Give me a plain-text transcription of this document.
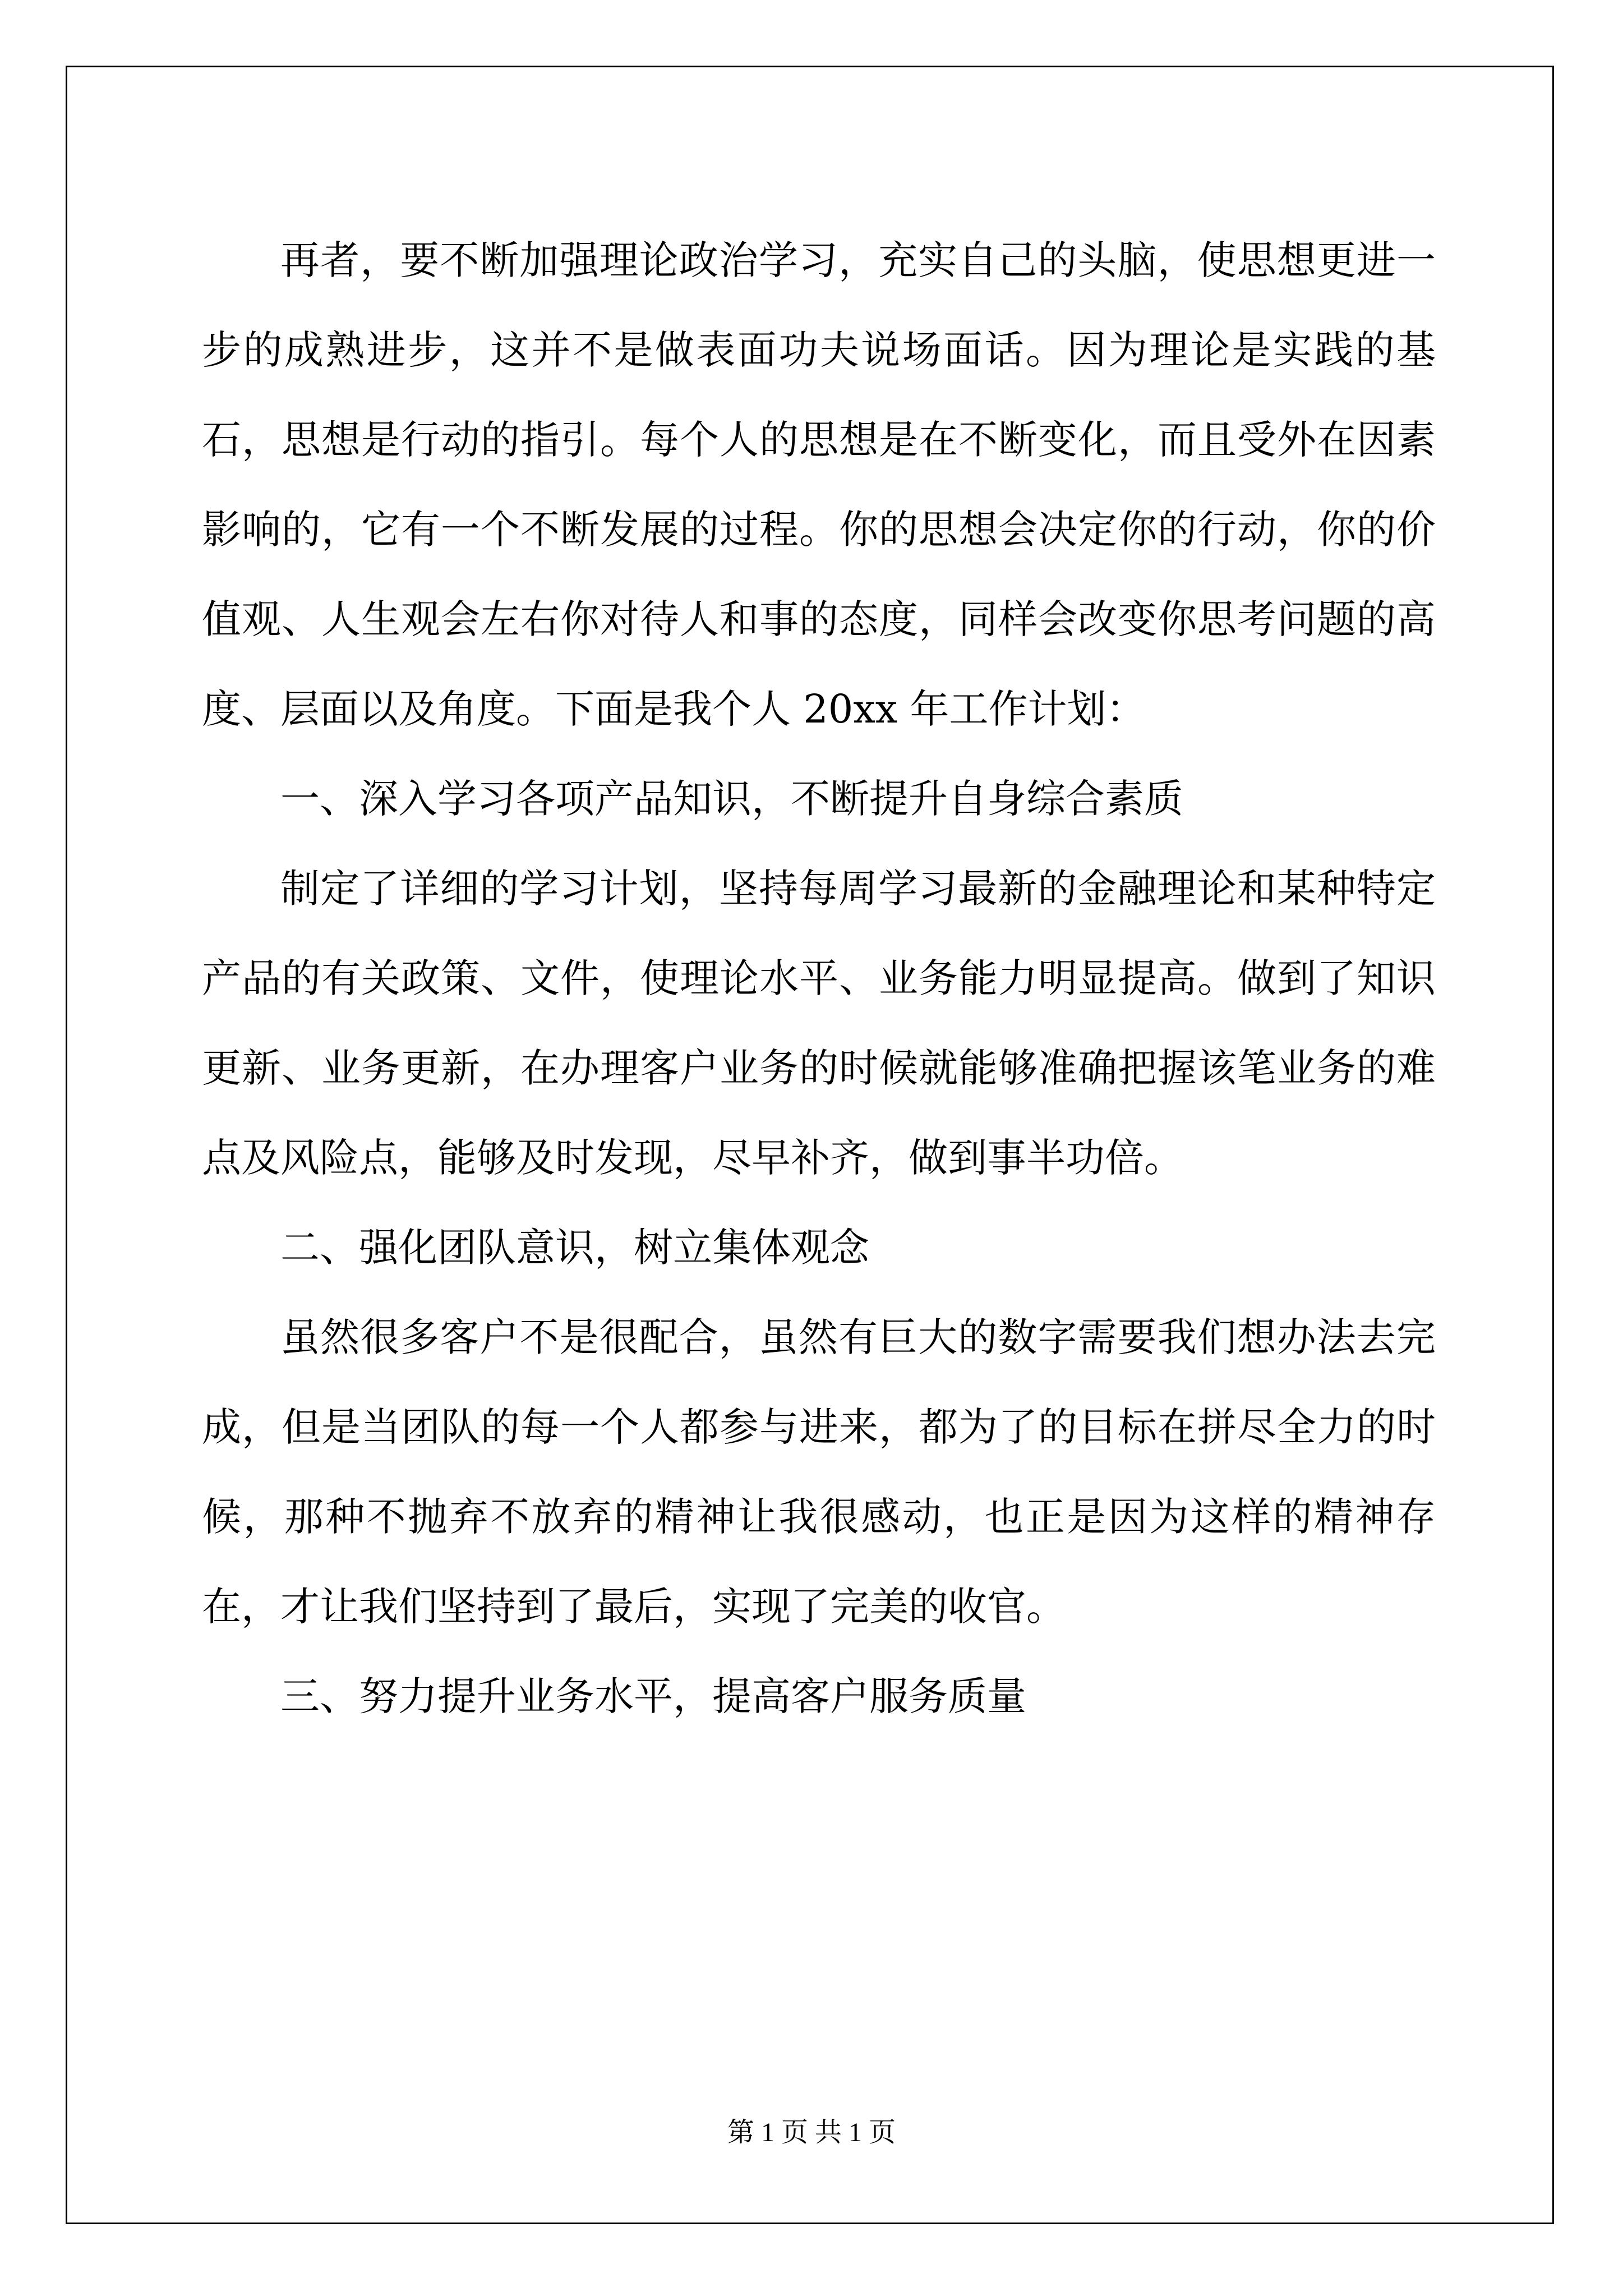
再者，要不断加强理论政治学习，充实自己的头脑，使思想更进一步的成熟进步，这并不是做表面功夫说场面话。因为理论是实践的基石，思想是行动的指引。每个人的思想是在不断变化，而且受外在因素影响的，它有一个不断发展的过程。你的思想会决定你的行动，你的价值观、人生观会左右你对待人和事的态度，同样会改变你思考问题的高度、层面以及角度。下面是我个人 20xx 年工作计划：

一、深入学习各项产品知识，不断提升自身综合素质

制定了详细的学习计划，坚持每周学习最新的金融理论和某种特定产品的有关政策、文件，使理论水平、业务能力明显提高。做到了知识更新、业务更新，在办理客户业务的时候就能够准确把握该笔业务的难点及风险点，能够及时发现，尽早补齐，做到事半功倍。

二、强化团队意识，树立集体观念

虽然很多客户不是很配合，虽然有巨大的数字需要我们想办法去完成，但是当团队的每一个人都参与进来，都为了的目标在拼尽全力的时候，那种不抛弃不放弃的精神让我很感动，也正是因为这样的精神存在，才让我们坚持到了最后，实现了完美的收官。

三、努力提升业务水平，提高客户服务质量

第 1 页 共 1 页
